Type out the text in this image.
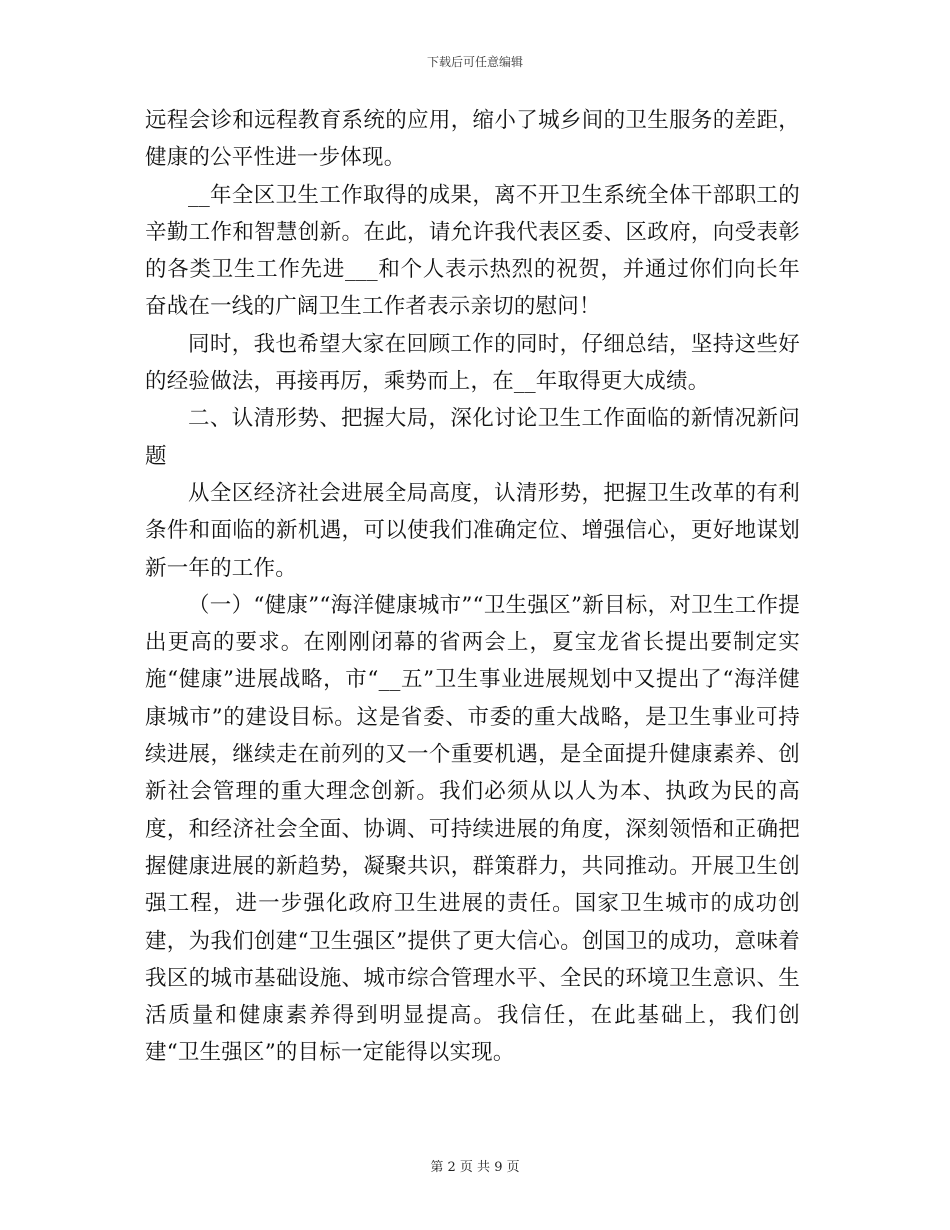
下载后可任意编辑

远程会诊和远程教育系统的应用，缩小了城乡间的卫生服务的差距，健康的公平性进一步体现。

__年全区卫生工作取得的成果，离不开卫生系统全体干部职工的辛勤工作和智慧创新。在此，请允许我代表区委、区政府，向受表彰的各类卫生工作先进___和个人表示热烈的祝贺，并通过你们向长年奋战在一线的广阔卫生工作者表示亲切的慰问！

同时，我也希望大家在回顾工作的同时，仔细总结，坚持这些好的经验做法，再接再厉，乘势而上，在__年取得更大成绩。

二、认清形势、把握大局，深化讨论卫生工作面临的新情况新问题

从全区经济社会进展全局高度，认清形势，把握卫生改革的有利条件和面临的新机遇，可以使我们准确定位、增强信心，更好地谋划新一年的工作。

（一）“健康”“海洋健康城市”“卫生强区”新目标，对卫生工作提出更高的要求。在刚刚闭幕的省两会上，夏宝龙省长提出要制定实施“健康”进展战略，市“__五”卫生事业进展规划中又提出了“海洋健康城市”的建设目标。这是省委、市委的重大战略，是卫生事业可持续进展，继续走在前列的又一个重要机遇，是全面提升健康素养、创新社会管理的重大理念创新。我们必须从以人为本、执政为民的高度，和经济社会全面、协调、可持续进展的角度，深刻领悟和正确把握健康进展的新趋势，凝聚共识，群策群力，共同推动。开展卫生创强工程，进一步强化政府卫生进展的责任。国家卫生城市的成功创建，为我们创建“卫生强区”提供了更大信心。创国卫的成功，意味着我区的城市基础设施、城市综合管理水平、全民的环境卫生意识、生活质量和健康素养得到明显提高。我信任，在此基础上，我们创建“卫生强区”的目标一定能得以实现。

第 2 页 共 9 页
